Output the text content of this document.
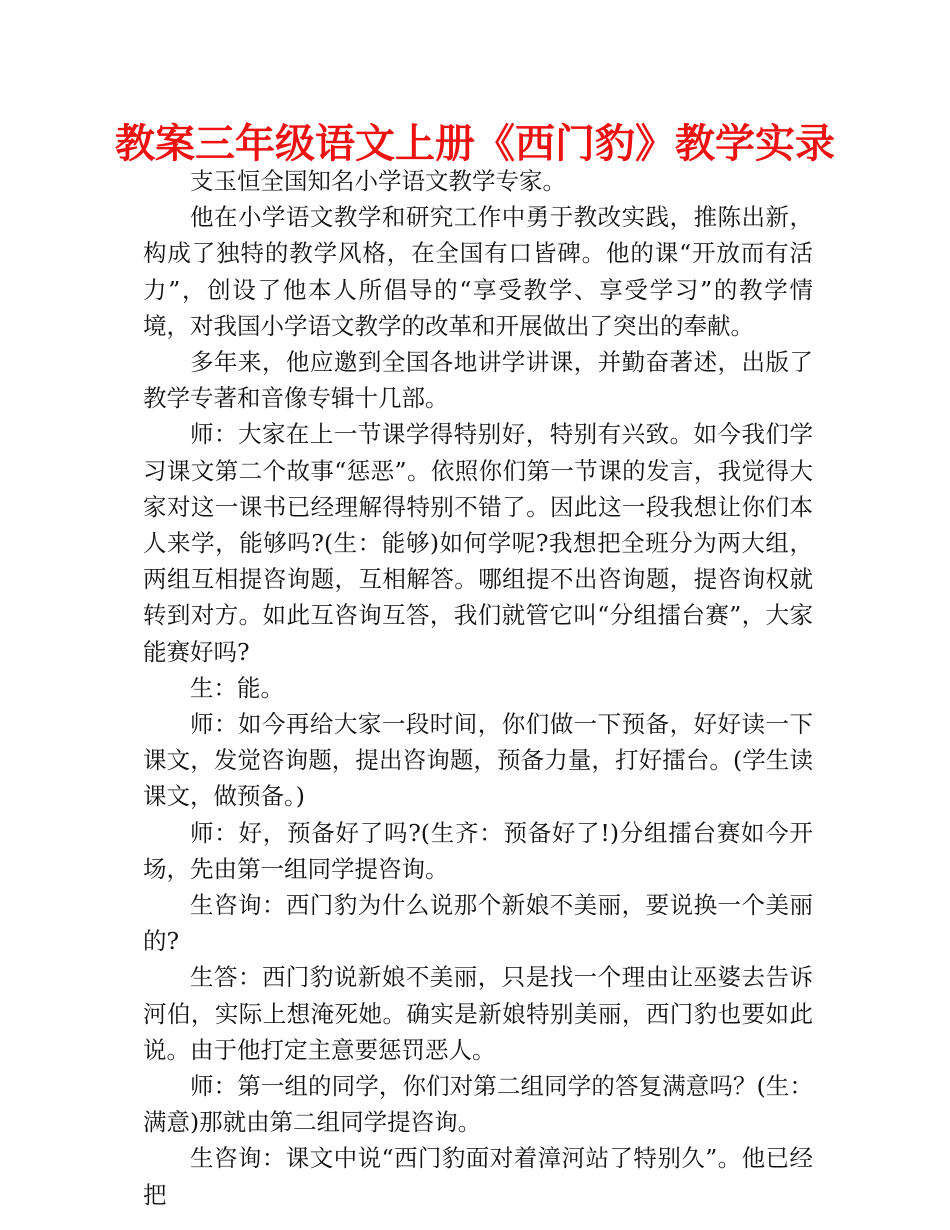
教案三年级语文上册《西门豹》教学实录

支玉恒全国知名小学语文教学专家。

他在小学语文教学和研究工作中勇于教改实践，推陈出新，构成了独特的教学风格，在全国有口皆碑。他的课“开放而有活力”，创设了他本人所倡导的“享受教学、享受学习”的教学情境，对我国小学语文教学的改革和开展做出了突出的奉献。

多年来，他应邀到全国各地讲学讲课，并勤奋著述，出版了教学专著和音像专辑十几部。

师：大家在上一节课学得特别好，特别有兴致。如今我们学习课文第二个故事“惩恶”。依照你们第一节课的发言，我觉得大家对这一课书已经理解得特别不错了。因此这一段我想让你们本人来学，能够吗?(生：能够)如何学呢?我想把全班分为两大组，两组互相提咨询题，互相解答。哪组提不出咨询题，提咨询权就转到对方。如此互咨询互答，我们就管它叫“分组擂台赛”，大家能赛好吗?

生：能。

师：如今再给大家一段时间，你们做一下预备，好好读一下课文，发觉咨询题，提出咨询题，预备力量，打好擂台。(学生读课文，做预备。)

师：好，预备好了吗?(生齐：预备好了!)分组擂台赛如今开场，先由第一组同学提咨询。

生咨询：西门豹为什么说那个新娘不美丽，要说换一个美丽的?

生答：西门豹说新娘不美丽，只是找一个理由让巫婆去告诉河伯，实际上想淹死她。确实是新娘特别美丽，西门豹也要如此说。由于他打定主意要惩罚恶人。

师：第一组的同学，你们对第二组同学的答复满意吗？(生：满意)那就由第二组同学提咨询。

生咨询：课文中说“西门豹面对着漳河站了特别久”。他已经把
